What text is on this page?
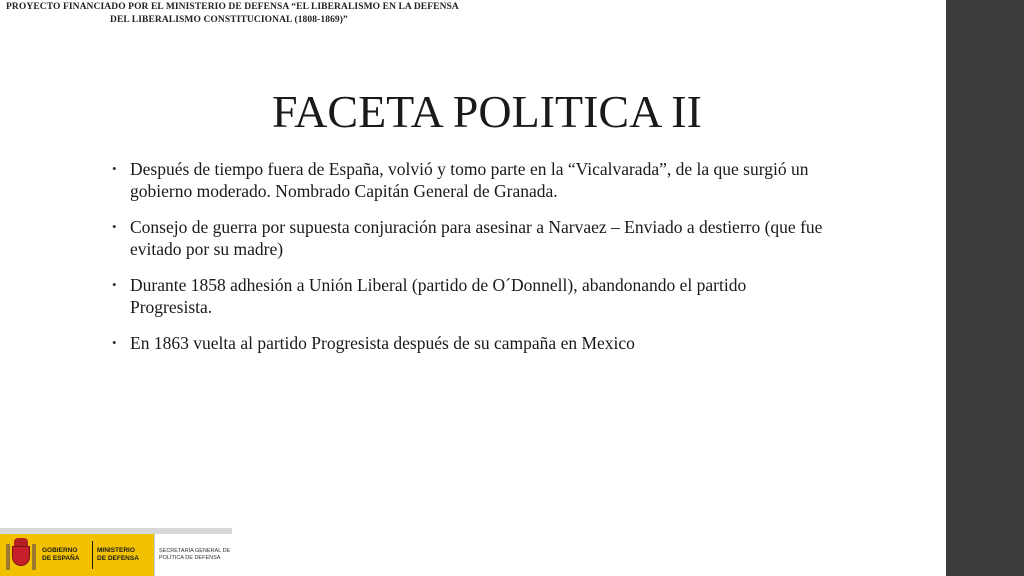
PROYECTO FINANCIADO POR EL MINISTERIO DE DEFENSA “EL LIBERALISMO EN LA DEFENSA
DEL LIBERALISMO CONSTITUCIONAL (1808-1869)”
FACETA POLITICA II
• Después de tiempo fuera de España, volvió y tomo parte en la “Vicalvarada”, de la que surgió un gobierno moderado. Nombrado Capitán General de Granada.
• Consejo de guerra por supuesta conjuración para asesinar a Narvaez – Enviado a destierro (que fue evitado por su madre)
• Durante 1858 adhesión a Unión Liberal (partido de O´Donnell), abandonando el partido Progresista.
• En 1863 vuelta al partido Progresista después de su campaña en Mexico
GOBIERNO DE ESPAÑA
MINISTERIO DE DEFENSA
SECRETARÍA GENERAL DE POLÍTICA DE DEFENSA
